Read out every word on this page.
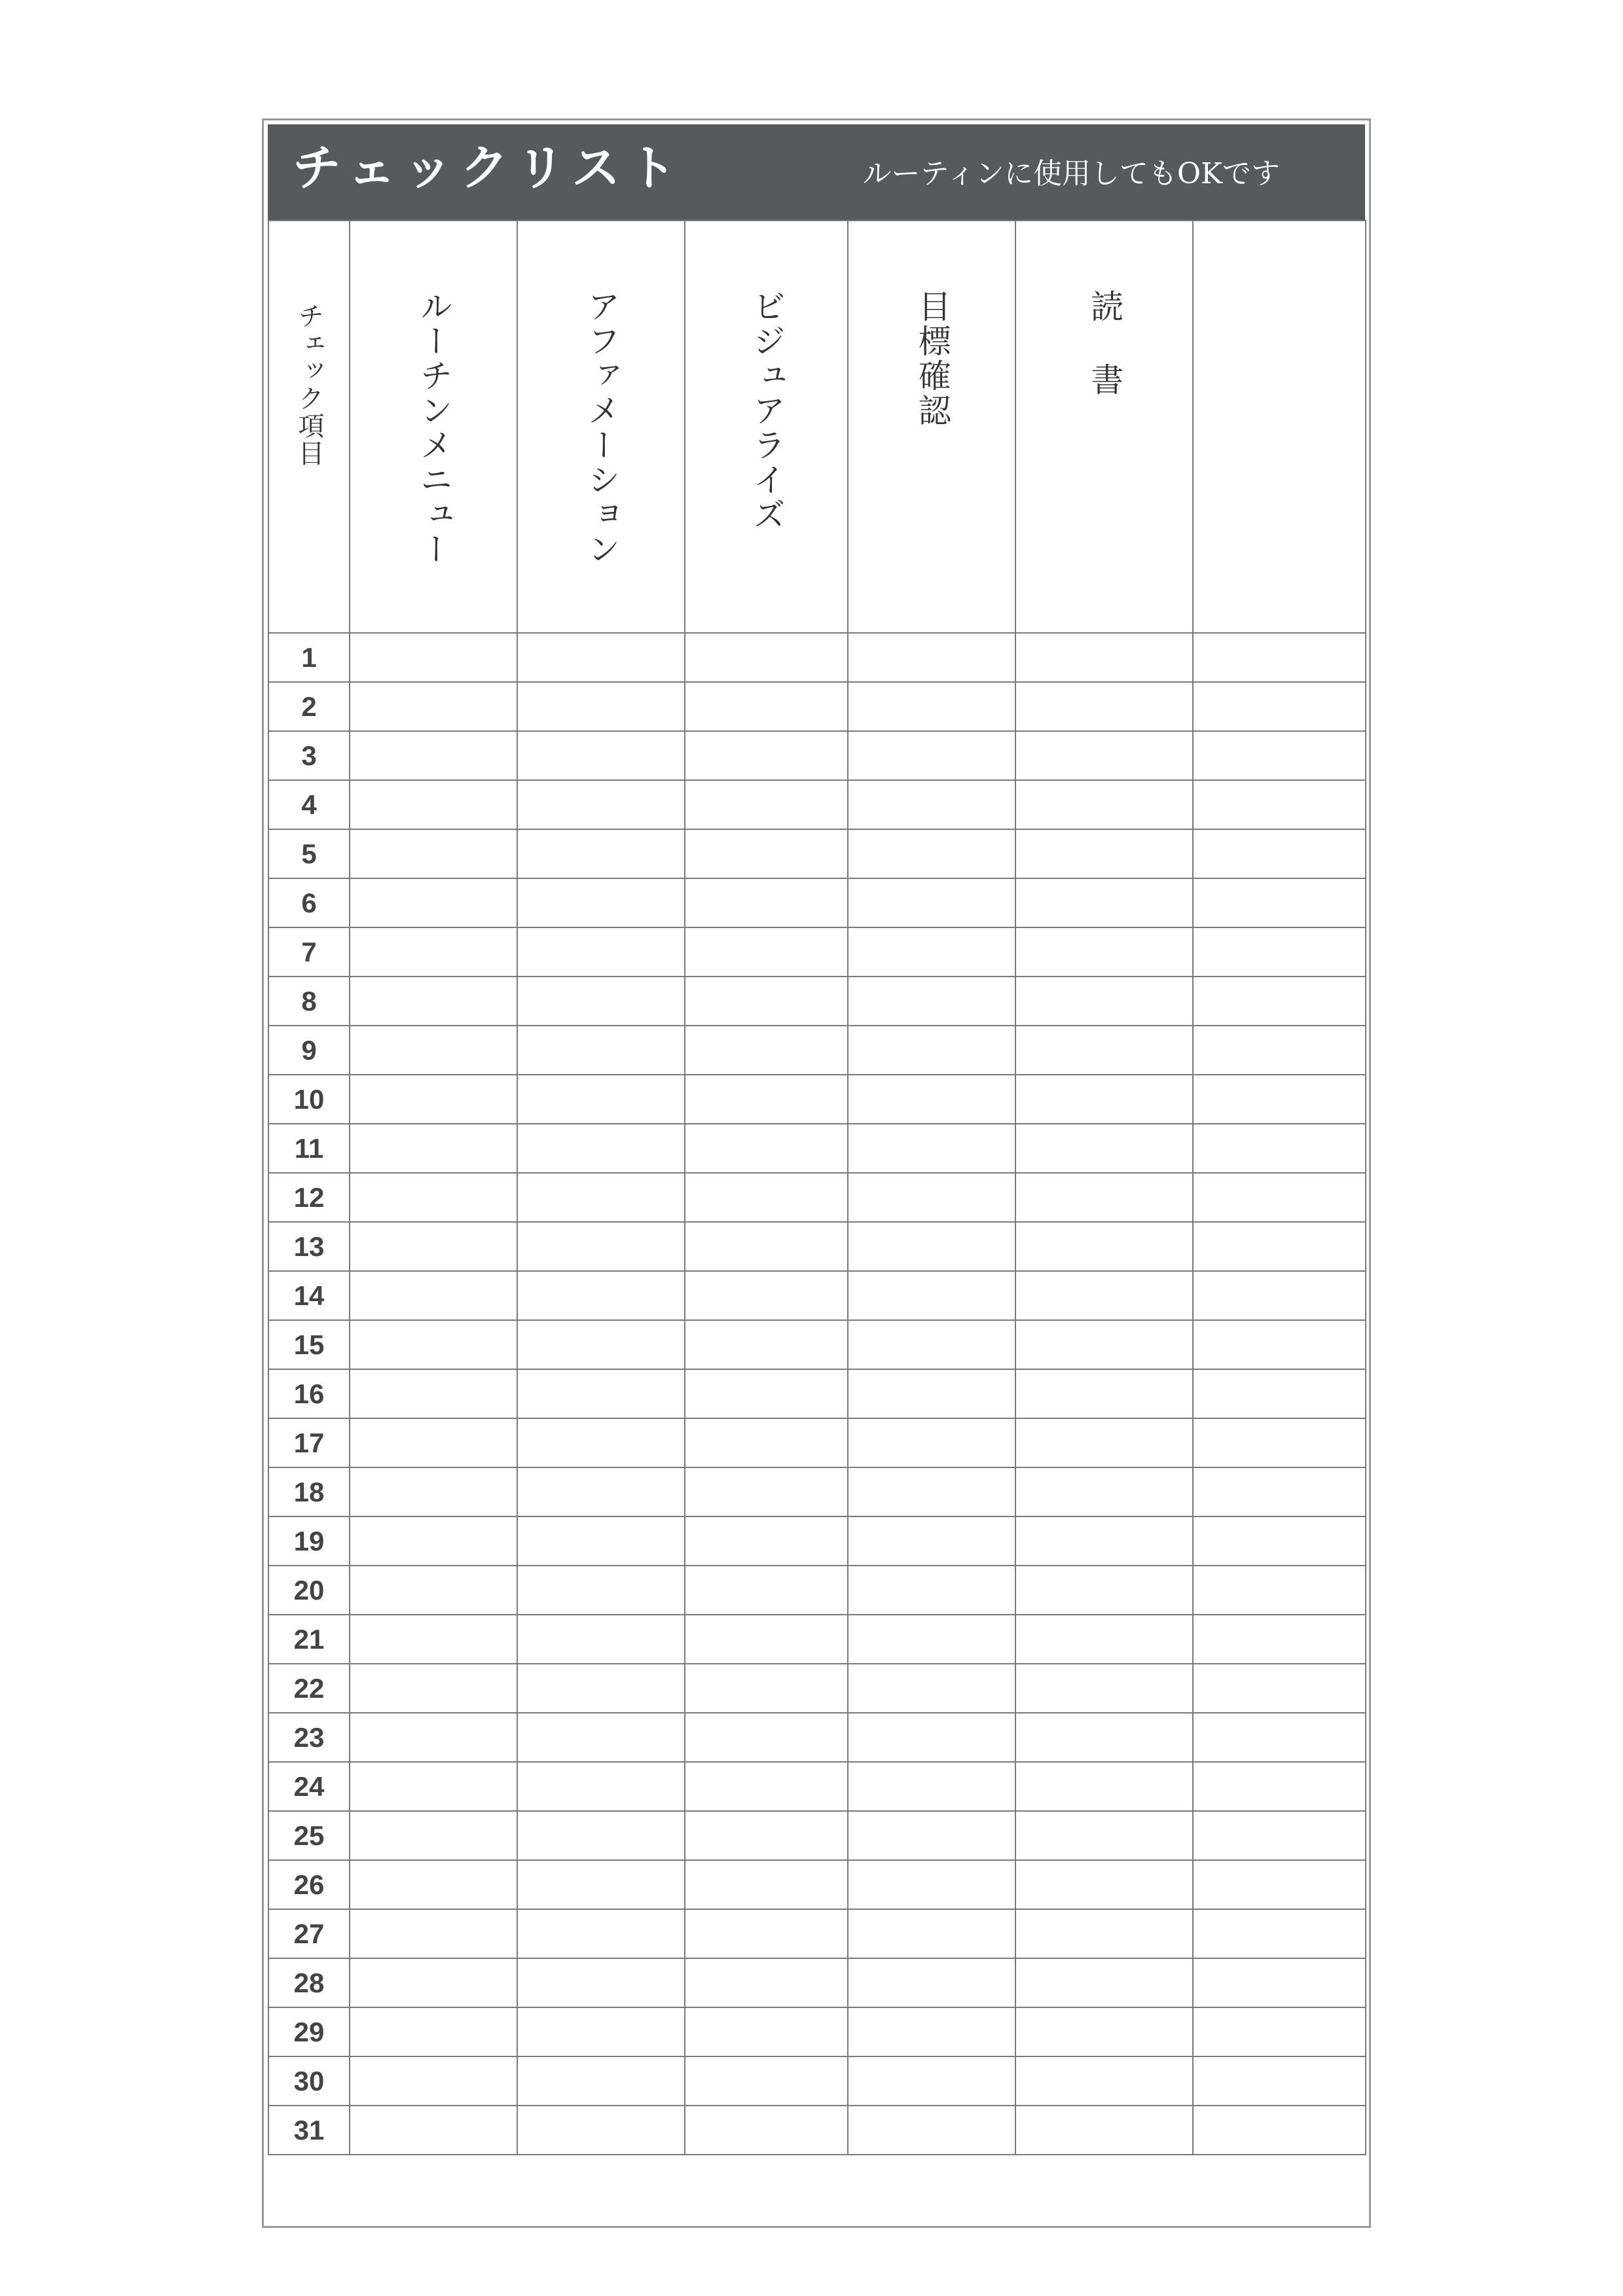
チェックリスト	ルーティンに使用してもOKです
チェック項目	ルーチンメニュー	アファメーション	ビジュアライズ	目標確認	読書	
1						
2						
3						
4						
5						
6						
7						
8						
9						
10						
11						
12						
13						
14						
15						
16						
17						
18						
19						
20						
21						
22						
23						
24						
25						
26						
27						
28						
29						
30						
31						
